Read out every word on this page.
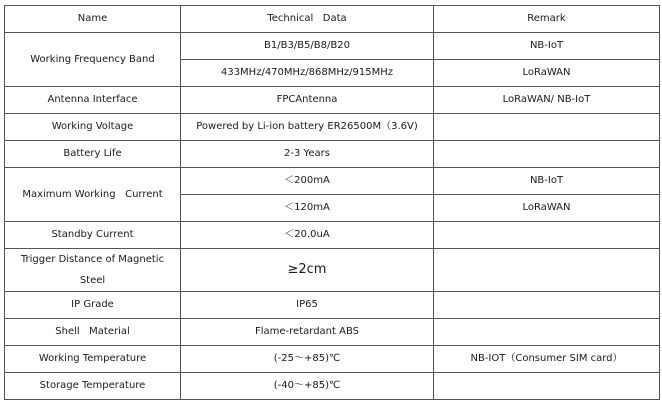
Name	Technical   Data	Remark
Working Frequency Band	B1/B3/B5/B8/B20	NB-IoT
	433MHz/470MHz/868MHz/915MHz	LoRaWAN
Antenna Interface	FPCAntenna	LoRaWAN/ NB-IoT
Working Voltage	Powered by Li-ion battery ER26500M（3.6V)	
Battery Life	2-3 Years	
Maximum Working   Current	＜200mA	NB-IoT
	＜120mA	LoRaWAN
Standby Current	＜20.0uA	
Trigger Distance of Magnetic Steel	≥2cm	
IP Grade	IP65	
Shell   Material	Flame-retardant ABS	
Working Temperature	(-25～+85)℃	NB-IOT（Consumer SIM card）
Storage Temperature	(-40～+85)℃	
